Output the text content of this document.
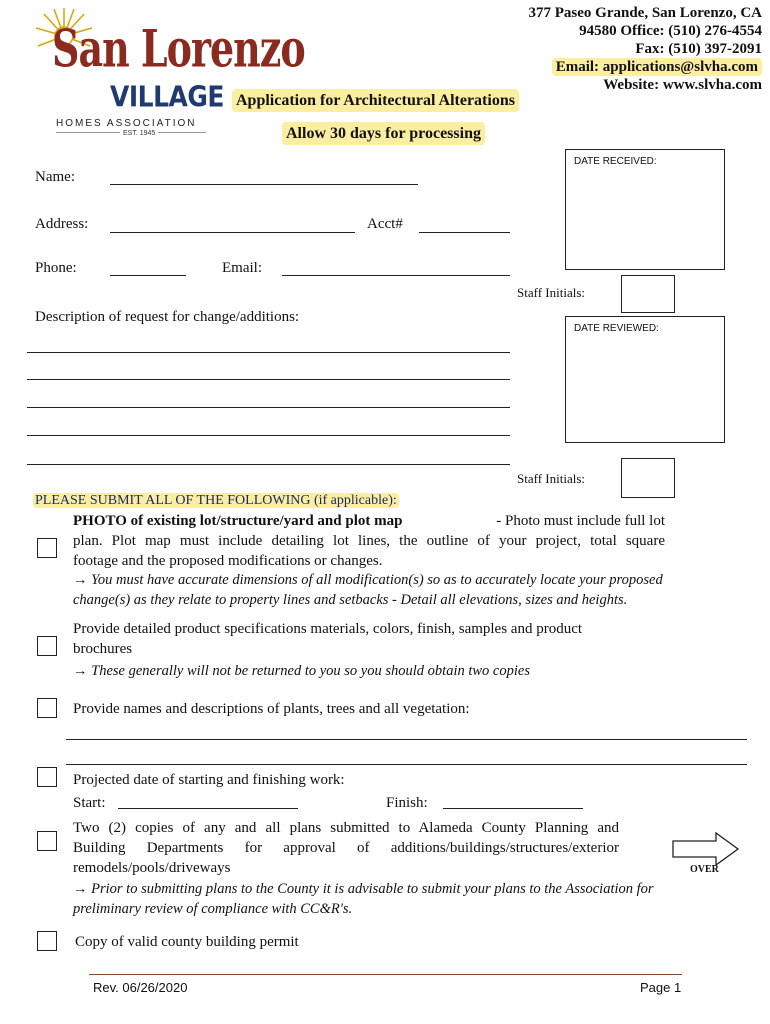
San Lorenzo
VILLAGE
HOMES ASSOCIATION
EST. 1945
377 Paseo Grande, San Lorenzo, CA
94580 Office: (510) 276-4554
Fax: (510) 397-2091
Email: applications@slvha.com
Website: www.slvha.com
Application for Architectural Alterations
Allow 30 days for processing
Name:
Address:	Acct#
Phone:	Email:
Description of request for change/additions:
DATE RECEIVED:
Staff Initials:
DATE REVIEWED:
Staff Initials:
PLEASE SUBMIT ALL OF THE FOLLOWING (if applicable):
PHOTO of existing lot/structure/yard and plot map	- Photo must include full lot
plan. Plot map must include detailing lot lines, the outline of your project, total square
footage and the proposed modifications or changes.
→ You must have accurate dimensions of all modification(s) so as to accurately locate your proposed
change(s) as they relate to property lines and setbacks - Detail all elevations, sizes and heights.
Provide detailed product specifications materials, colors, finish, samples and product
brochures
→ These generally will not be returned to you so you should obtain two copies
Provide names and descriptions of plants, trees and all vegetation:
Projected date of starting and finishing work:
Start:	Finish:
Two (2) copies of any and all plans submitted to Alameda County Planning and
Building Departments for approval of additions/buildings/structures/exterior
remodels/pools/driveways	OVER
→ Prior to submitting plans to the County it is advisable to submit your plans to the Association for
preliminary review of compliance with CC&R's.
Copy of valid county building permit
Rev. 06/26/2020	Page 1
